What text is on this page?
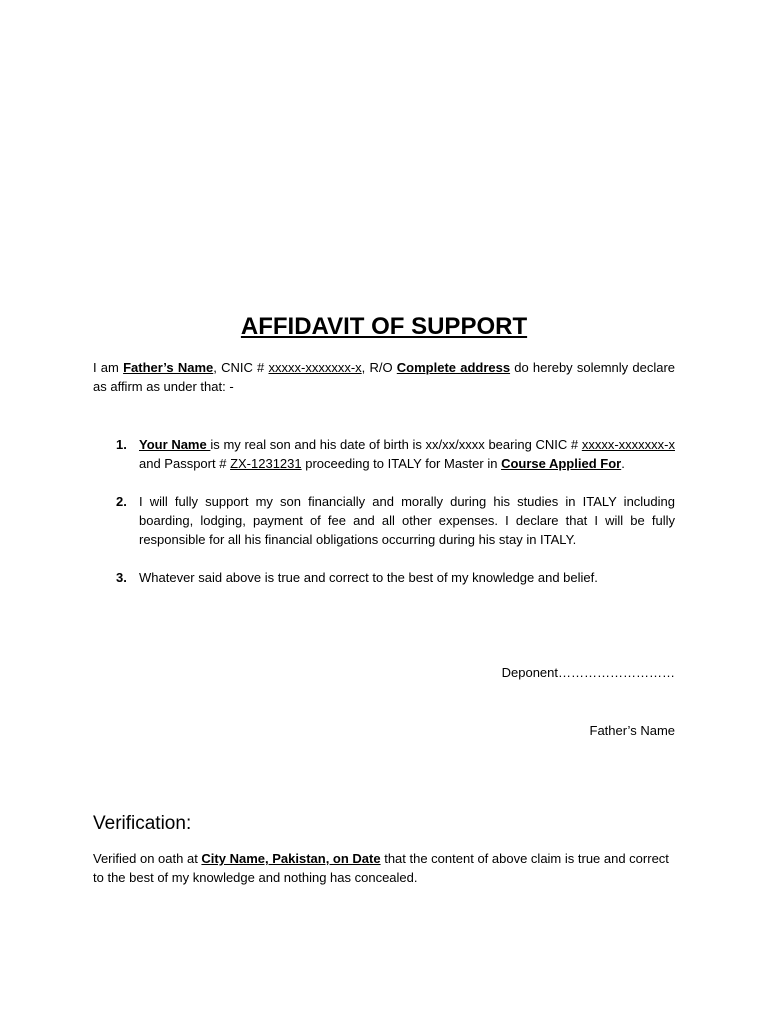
AFFIDAVIT OF SUPPORT
I am Father’s Name, CNIC # xxxxx-xxxxxxx-x, R/O Complete address do hereby solemnly declare as affirm as under that: -
1. Your Name is my real son and his date of birth is xx/xx/xxxx bearing CNIC # xxxxx-xxxxxxx-x and Passport # ZX-1231231 proceeding to ITALY for Master in Course Applied For.
2. I will fully support my son financially and morally during his studies in ITALY including boarding, lodging, payment of fee and all other expenses. I declare that I will be fully responsible for all his financial obligations occurring during his stay in ITALY.
3. Whatever said above is true and correct to the best of my knowledge and belief.
Deponent………………………
Father’s Name
Verification:
Verified on oath at City Name, Pakistan, on Date that the content of above claim is true and correct to the best of my knowledge and nothing has concealed.
